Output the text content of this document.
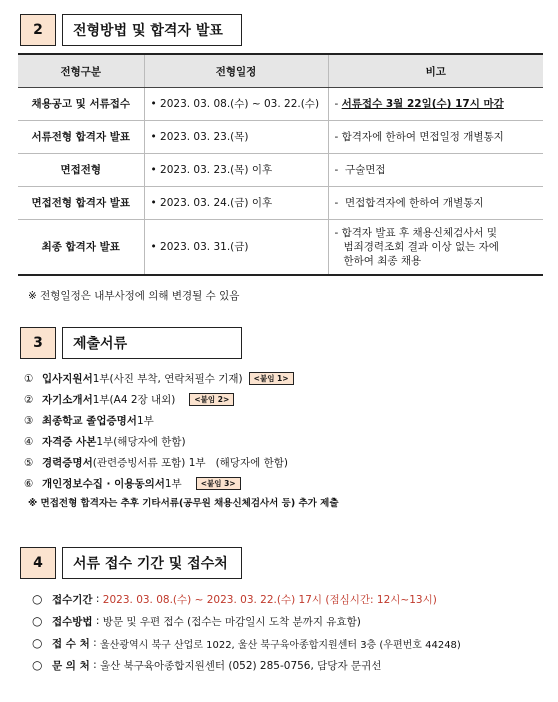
2	전형방법 및 합격자 발표
전형구분	전형일정	비고
채용공고 및 서류접수	• 2023. 03. 08.(수) ~ 03. 22.(수)	- 서류접수 3월 22일(수) 17시 마감
서류전형 합격자 발표	• 2023. 03. 23.(목)	- 합격자에 한하여 면접일정 개별통지
면접전형	• 2023. 03. 23.(목) 이후	-  구술면접
면접전형 합격자 발표	• 2023. 03. 24.(금) 이후	-  면접합격자에 한하여 개별통지
최종 합격자 발표	• 2023. 03. 31.(금)	- 합격자 발표 후 채용신체검사서 및
범죄경력조회 결과 이상 없는 자에
한하여 최종 채용
※ 전형일정은 내부사정에 의해 변경될 수 있음
3	제출서류
① 입사지원서 1부(사진 부착, 연락처필수 기재)	<붙임 1>
② 자기소개서 1부(A4 2장 내외)	<붙임 2>
③ 최종학교 졸업증명서 1부
④ 자격증 사본 1부(해당자에 한함)
⑤ 경력증명서 (관련증빙서류 포함) 1부   (해당자에 한함)
⑥ 개인정보수집 · 이용동의서 1부	<붙임 3>
※ 면접전형 합격자는 추후 기타서류(공무원 채용신체검사서 등) 추가 제출
4	서류 접수 기간 및 접수처
○ 접수기간 : 2023. 03. 08.(수) ~ 2023. 03. 22.(수) 17시 (점심시간: 12시~13시)
○ 접수방법 : 방문 및 우편 접수 (접수는 마감일시 도착 분까지 유효함)
○ 접 수 처 : 울산광역시 북구 산업로 1022, 울산 북구육아종합지원센터 3층 (우편번호 44248)
○ 문 의 처 : 울산 북구육아종합지원센터 (052) 285-0756, 담당자 문귀선
